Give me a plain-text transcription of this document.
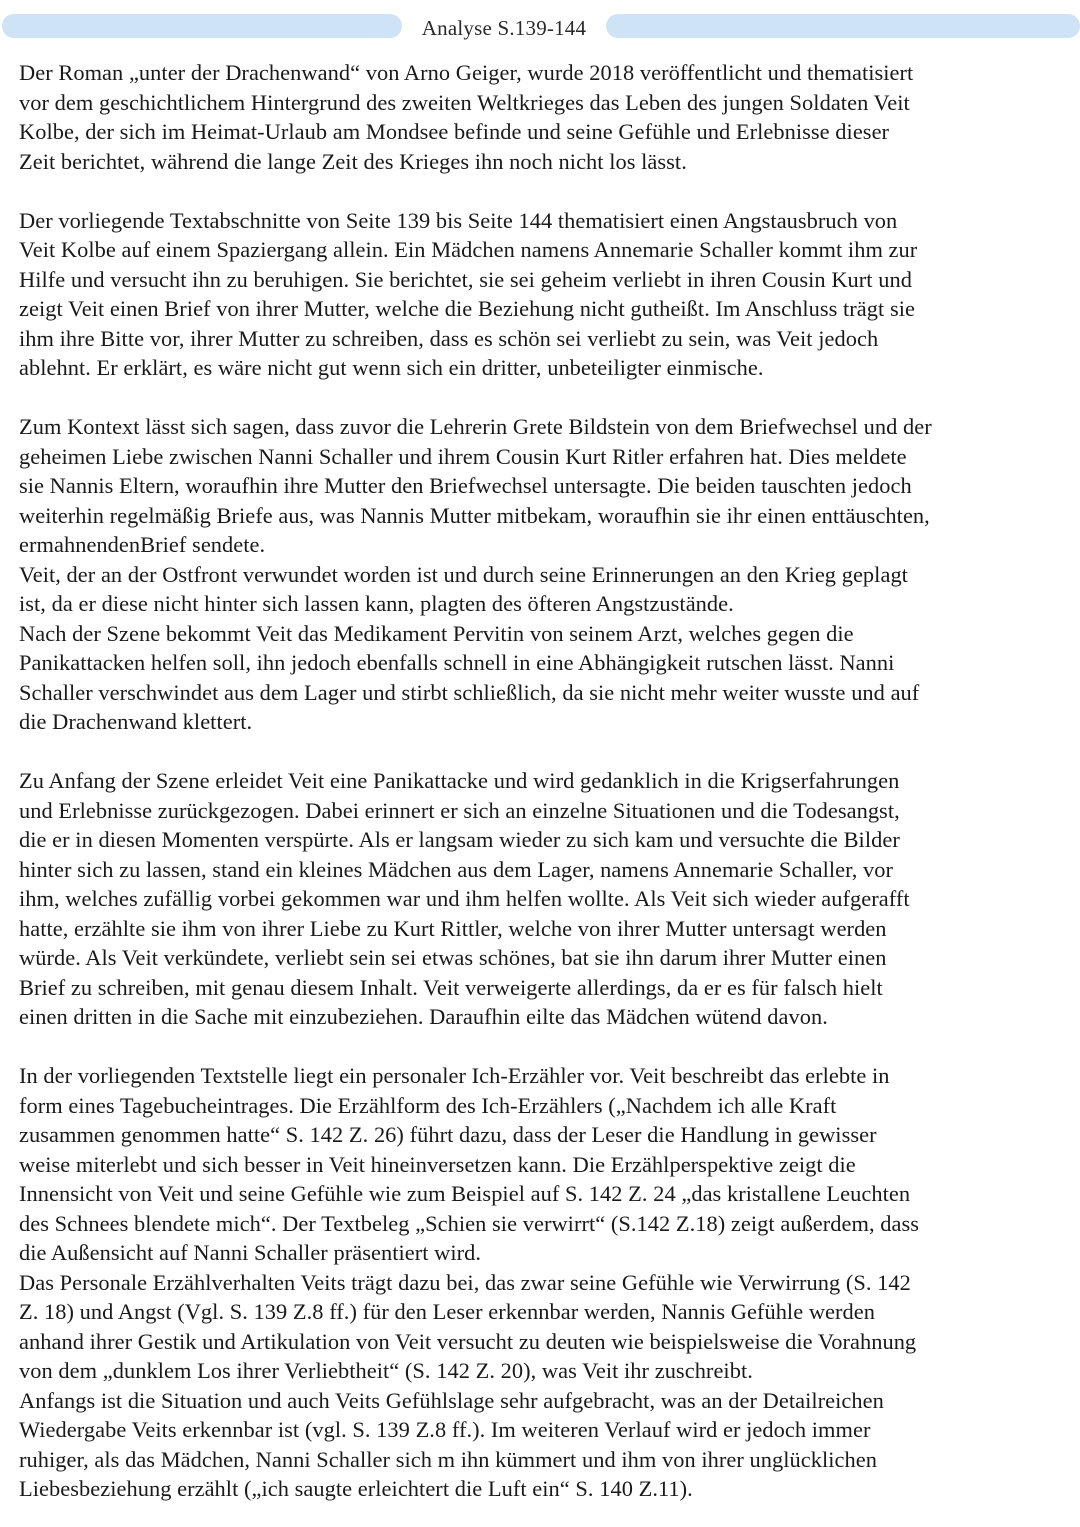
Analyse S.139-144

Der Roman „unter der Drachenwand“ von Arno Geiger, wurde 2018 veröffentlicht und thematisiert
vor dem geschichtlichem Hintergrund des zweiten Weltkrieges das Leben des jungen Soldaten Veit
Kolbe, der sich im Heimat-Urlaub am Mondsee befinde und seine Gefühle und Erlebnisse dieser
Zeit berichtet, während die lange Zeit des Krieges ihn noch nicht los lässt.

Der vorliegende Textabschnitte von Seite 139 bis Seite 144 thematisiert einen Angstausbruch von
Veit Kolbe auf einem Spaziergang allein. Ein Mädchen namens Annemarie Schaller kommt ihm zur
Hilfe und versucht ihn zu beruhigen. Sie berichtet, sie sei geheim verliebt in ihren Cousin Kurt und
zeigt Veit einen Brief von ihrer Mutter, welche die Beziehung nicht gutheißt. Im Anschluss trägt sie
ihm ihre Bitte vor, ihrer Mutter zu schreiben, dass es schön sei verliebt zu sein, was Veit jedoch
ablehnt. Er erklärt, es wäre nicht gut wenn sich ein dritter, unbeteiligter einmische.

Zum Kontext lässt sich sagen, dass zuvor die Lehrerin Grete Bildstein von dem Briefwechsel und der
geheimen Liebe zwischen Nanni Schaller und ihrem Cousin Kurt Ritler erfahren hat. Dies meldete
sie Nannis Eltern, woraufhin ihre Mutter den Briefwechsel untersagte. Die beiden tauschten jedoch
weiterhin regelmäßig Briefe aus, was Nannis Mutter mitbekam, woraufhin sie ihr einen enttäuschten,
ermahnendenBrief sendete.

Veit, der an der Ostfront verwundet worden ist und durch seine Erinnerungen an den Krieg geplagt
ist, da er diese nicht hinter sich lassen kann, plagten des öfteren Angstzustände.

Nach der Szene bekommt Veit das Medikament Pervitin von seinem Arzt, welches gegen die
Panikattacken helfen soll, ihn jedoch ebenfalls schnell in eine Abhängigkeit rutschen lässt. Nanni
Schaller verschwindet aus dem Lager und stirbt schließlich, da sie nicht mehr weiter wusste und auf
die Drachenwand klettert.

Zu Anfang der Szene erleidet Veit eine Panikattacke und wird gedanklich in die Krigserfahrungen
und Erlebnisse zurückgezogen. Dabei erinnert er sich an einzelne Situationen und die Todesangst,
die er in diesen Momenten verspürte. Als er langsam wieder zu sich kam und versuchte die Bilder
hinter sich zu lassen, stand ein kleines Mädchen aus dem Lager, namens Annemarie Schaller, vor
ihm, welches zufällig vorbei gekommen war und ihm helfen wollte. Als Veit sich wieder aufgerafft
hatte, erzählte sie ihm von ihrer Liebe zu Kurt Rittler, welche von ihrer Mutter untersagt werden
würde. Als Veit verkündete, verliebt sein sei etwas schönes, bat sie ihn darum ihrer Mutter einen
Brief zu schreiben, mit genau diesem Inhalt. Veit verweigerte allerdings, da er es für falsch hielt
einen dritten in die Sache mit einzubeziehen. Daraufhin eilte das Mädchen wütend davon.

In der vorliegenden Textstelle liegt ein personaler Ich-Erzähler vor. Veit beschreibt das erlebte in
form eines Tagebucheintrages. Die Erzählform des Ich-Erzählers („Nachdem ich alle Kraft
zusammen genommen hatte“ S. 142 Z. 26) führt dazu, dass der Leser die Handlung in gewisser
weise miterlebt und sich besser in Veit hineinversetzen kann. Die Erzählperspektive zeigt die
Innensicht von Veit und seine Gefühle wie zum Beispiel auf S. 142 Z. 24 „das kristallene Leuchten
des Schnees blendete mich“. Der Textbeleg „Schien sie verwirrt“ (S.142 Z.18) zeigt außerdem, dass
die Außensicht auf Nanni Schaller präsentiert wird.

Das Personale Erzählverhalten Veits trägt dazu bei, das zwar seine Gefühle wie Verwirrung (S. 142
Z. 18) und Angst (Vgl. S. 139 Z.8 ff.) für den Leser erkennbar werden, Nannis Gefühle werden
anhand ihrer Gestik und Artikulation von Veit versucht zu deuten wie beispielsweise die Vorahnung
von dem „dunklem Los ihrer Verliebtheit“ (S. 142 Z. 20), was Veit ihr zuschreibt.

Anfangs ist die Situation und auch Veits Gefühlslage sehr aufgebracht, was an der Detailreichen
Wiedergabe Veits erkennbar ist (vgl. S. 139 Z.8 ff.). Im weiteren Verlauf wird er jedoch immer
ruhiger, als das Mädchen, Nanni Schaller sich m ihn kümmert und ihm von ihrer unglücklichen
Liebesbeziehung erzählt („ich saugte erleichtert die Luft ein“ S. 140 Z.11).
